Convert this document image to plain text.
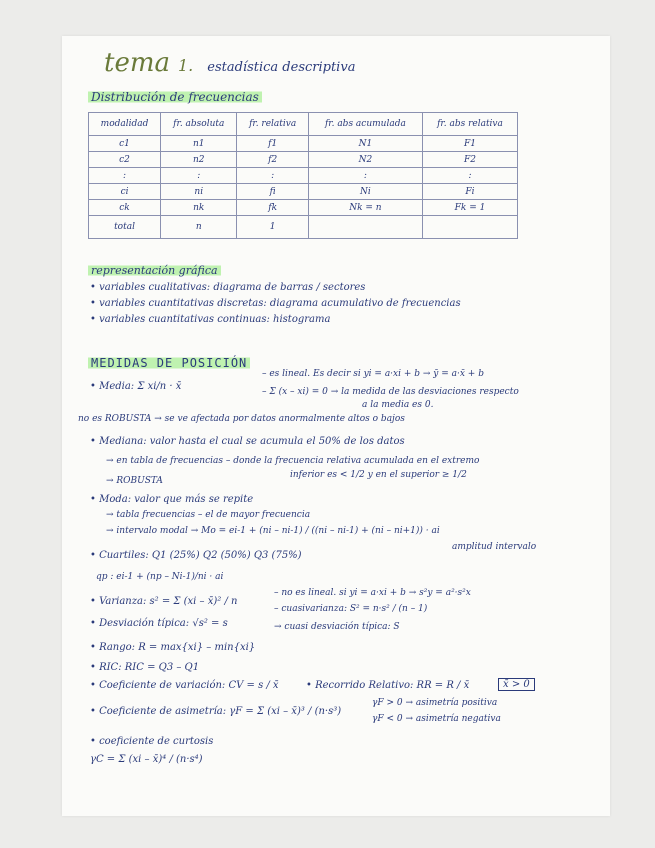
tema 1. estadística descriptiva
Distribución de frecuencias
modalidad	fr. absoluta	fr. relativa	fr. abs acumulada	fr. abs relativa
c1	n1	f1	N1	F1
c2	n2	f2	N2	F2
:	:	:	:	:
ci	ni	fi	Ni	Fi
ck	nk	fk	Nk = n	Fk = 1
total	n	1		
representación gráfica
• variables cualitativas: diagrama de barras / sectores
• variables cuantitativas discretas: diagrama acumulativo de frecuencias
• variables cuantitativas continuas: histograma
MEDIDAS DE POSICIÓN
• Media: Σ xi/n · x̄
– es lineal. Es decir si yi = a·xi + b → ȳ = a·x̄ + b
– Σ (x – xi) = 0 → la medida de las desviaciones respecto
a la media es 0.
no es ROBUSTA → se ve afectada por datos anormalmente altos o bajos
• Mediana: valor hasta el cual se acumula el 50% de los datos
→ en tabla de frecuencias – donde la frecuencia relativa acumulada en el extremo
→ ROBUSTA
inferior es < 1/2 y en el superior ≥ 1/2
• Moda: valor que más se repite
→ tabla frecuencias – el de mayor frecuencia
→ intervalo modal → Mo = ei-1 + (ni – ni-1) / ((ni – ni-1) + (ni – ni+1)) · ai
amplitud intervalo
• Cuartiles: Q1 (25%) Q2 (50%) Q3 (75%)
qp : ei-1 + (np – Ni-1)/ni · ai
• Varianza: s² = Σ (xi – x̄)² / n
– no es lineal. si yi = a·xi + b → s²y = a²·s²x
– cuasivarianza: S² = n·s² / (n – 1)
• Desviación típica: √s² = s	→ cuasi desviación típica: S
• Rango: R = max{xi} – min{xi}
• RIC: RIC = Q3 – Q1
• Coeficiente de variación: CV = s / x̄	• Recorrido Relativo: RR = R / x̄	x̄ > 0
• Coeficiente de asimetría: γF = Σ (xi – x̄)³ / (n·s³)
γF > 0 → asimetría positiva
γF < 0 → asimetría negativa
• coeficiente de curtosis
γC = Σ (xi – x̄)⁴ / (n·s⁴)
